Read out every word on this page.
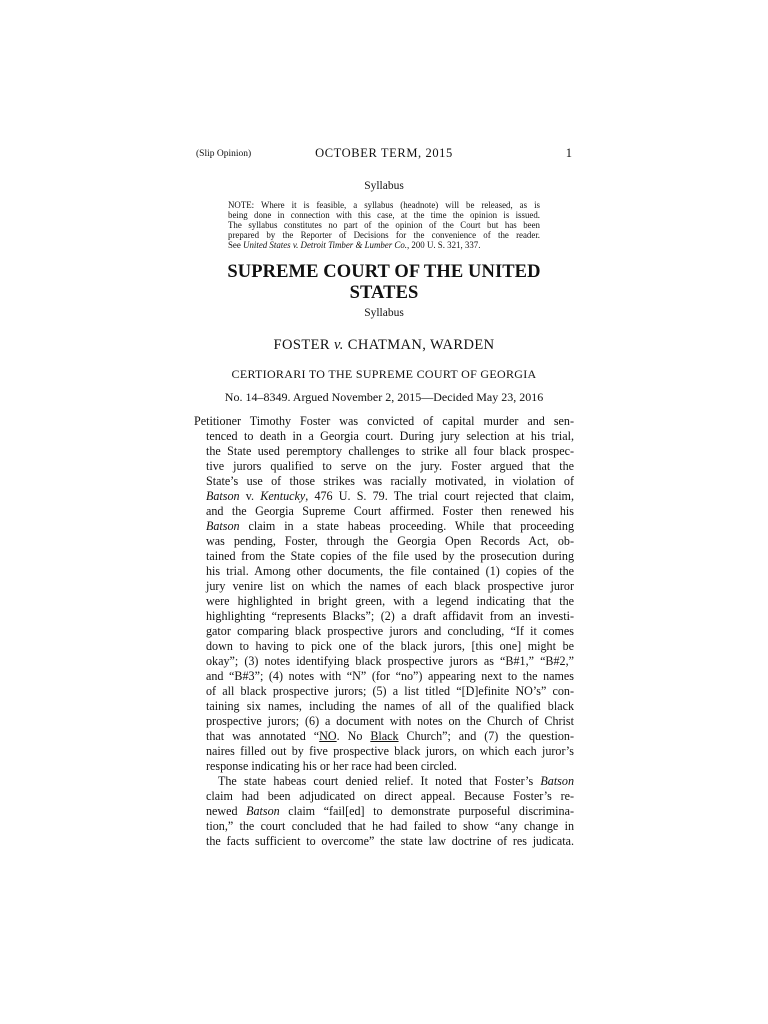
(Slip Opinion)	OCTOBER TERM, 2015	1
Syllabus
NOTE: Where it is feasible, a syllabus (headnote) will be released, as is
being done in connection with this case, at the time the opinion is issued.
The syllabus constitutes no part of the opinion of the Court but has been
prepared by the Reporter of Decisions for the convenience of the reader.
See United States v. Detroit Timber & Lumber Co., 200 U. S. 321, 337.
SUPREME COURT OF THE UNITED STATES
Syllabus
FOSTER v. CHATMAN, WARDEN
CERTIORARI TO THE SUPREME COURT OF GEORGIA
No. 14–8349. Argued November 2, 2015—Decided May 23, 2016
Petitioner Timothy Foster was convicted of capital murder and sen-
tenced to death in a Georgia court. During jury selection at his trial,
the State used peremptory challenges to strike all four black prospec-
tive jurors qualified to serve on the jury. Foster argued that the
State’s use of those strikes was racially motivated, in violation of
Batson v. Kentucky, 476 U. S. 79. The trial court rejected that claim,
and the Georgia Supreme Court affirmed. Foster then renewed his
Batson claim in a state habeas proceeding. While that proceeding
was pending, Foster, through the Georgia Open Records Act, ob-
tained from the State copies of the file used by the prosecution during
his trial. Among other documents, the file contained (1) copies of the
jury venire list on which the names of each black prospective juror
were highlighted in bright green, with a legend indicating that the
highlighting “represents Blacks”; (2) a draft affidavit from an investi-
gator comparing black prospective jurors and concluding, “If it comes
down to having to pick one of the black jurors, [this one] might be
okay”; (3) notes identifying black prospective jurors as “B#1,” “B#2,”
and “B#3”; (4) notes with “N” (for “no”) appearing next to the names
of all black prospective jurors; (5) a list titled “[D]efinite NO’s” con-
taining six names, including the names of all of the qualified black
prospective jurors; (6) a document with notes on the Church of Christ
that was annotated “NO. No Black Church”; and (7) the question-
naires filled out by five prospective black jurors, on which each juror’s
response indicating his or her race had been circled.
The state habeas court denied relief. It noted that Foster’s Batson
claim had been adjudicated on direct appeal. Because Foster’s re-
newed Batson claim “fail[ed] to demonstrate purposeful discrimina-
tion,” the court concluded that he had failed to show “any change in
the facts sufficient to overcome” the state law doctrine of res judicata.
